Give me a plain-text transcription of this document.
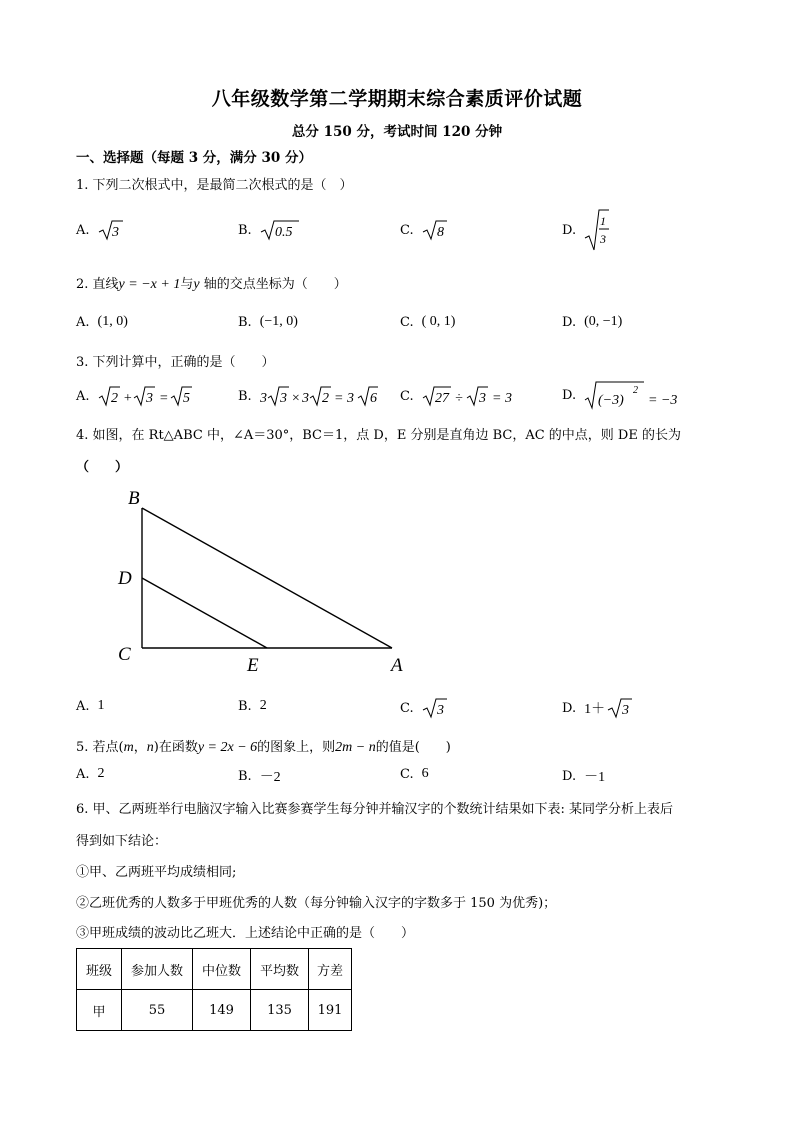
八年级数学第二学期期末综合素质评价试题
总分 150 分，考试时间 120 分钟
一、选择题（每题 3 分，满分 30 分）
1. 下列二次根式中，是最简二次根式的是（　）
A. 3	B. 0.5	C. 8	D.
1
3
2. 直线y = −x + 1与y 轴的交点坐标为（　　）
A. (1, 0)	B. (−1, 0)	C. ( 0, 1)	D. (0, −1)
3. 下列计算中，正确的是（　　）
A. 2 + 3 = 5	B. 3 3 × 3 2 = 3 6 C. 27 ÷ 3 = 3	D. (−3)
2
= −3
4. 如图，在 Rt△ABC 中，∠A＝30°，BC＝1，点 D，E 分别是直角边 BC，AC 的中点，则 DE 的长为
（　　）
B
D
C
E	A
A. 1	B. 2	C. 3	D. 1＋ 3
5. 若点(m，n)在函数y = 2x − 6的图象上，则2m − n的值是(　　)
A. 2	B. －2	C. 6	D. －1
6. 甲、乙两班举行电脑汉字输入比赛参赛学生每分钟并输汉字的个数统计结果如下表: 某同学分析上表后
得到如下结论：
①甲、乙两班平均成绩相同;
②乙班优秀的人数多于甲班优秀的人数（每分钟输入汉字的字数多于 150 为优秀)；
③甲班成绩的波动比乙班大．上述结论中正确的是（　　）
班级	参加人数	中位数	平均数	方差
甲	55	149	135	191
